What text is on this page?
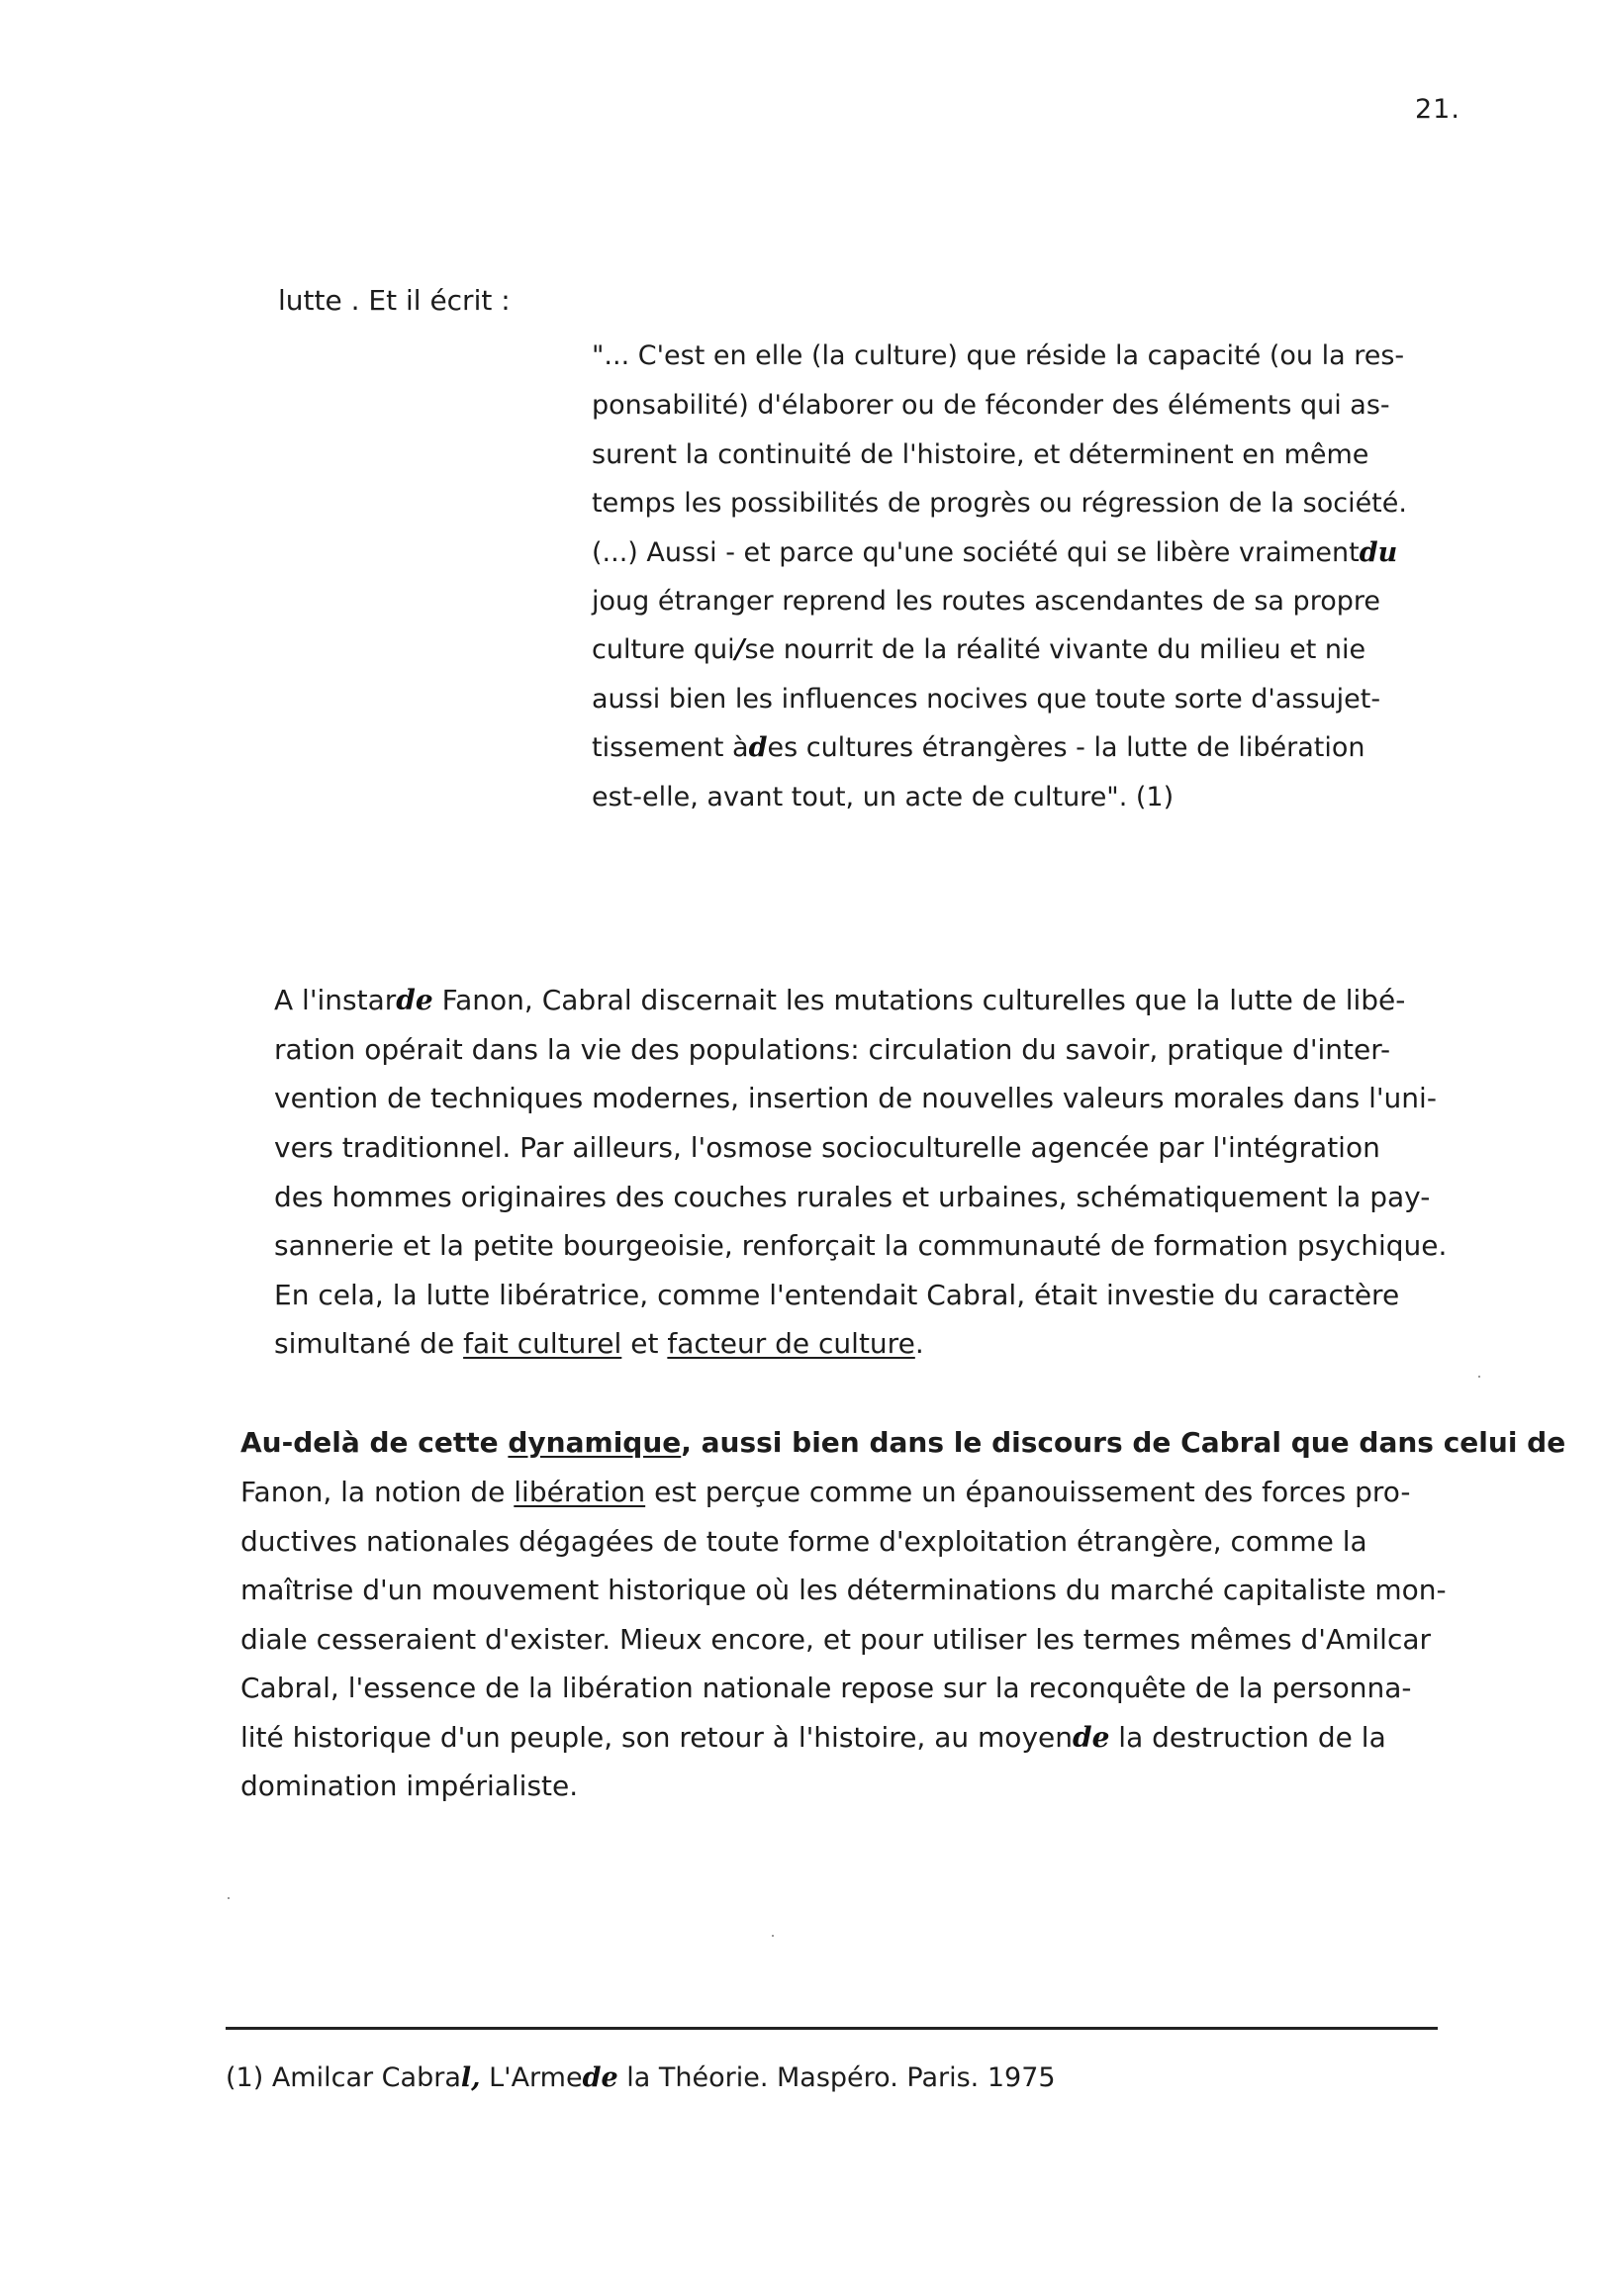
21.
lutte . Et il écrit :
"... C'est en elle (la culture) que réside la capacité (ou la res-
ponsabilité) d'élaborer ou de féconder des éléments qui as-
surent la continuité de l'histoire, et déterminent en même
temps les possibilités de progrès ou régression de la société.
(...) Aussi - et parce qu'une société qui se libère vraimentdu
joug étranger reprend les routes ascendantes de sa propre
culture qui/se nourrit de la réalité vivante du milieu et nie
aussi bien les influences nocives que toute sorte d'assujet-
tissement àdes cultures étrangères - la lutte de libération
est-elle, avant tout, un acte de culture". (1)
A l'instarde Fanon, Cabral discernait les mutations culturelles que la lutte de libé-
ration opérait dans la vie des populations: circulation du savoir, pratique d'inter-
vention de techniques modernes, insertion de nouvelles valeurs morales dans l'uni-
vers traditionnel. Par ailleurs, l'osmose socioculturelle agencée par l'intégration
des hommes originaires des couches rurales et urbaines, schématiquement la pay-
sannerie et la petite bourgeoisie, renforçait la communauté de formation psychique.
En cela, la lutte libératrice, comme l'entendait Cabral, était investie du caractère
simultané de fait culturel et facteur de culture.
Au-delà de cette dynamique, aussi bien dans le discours de Cabral que dans celui de
Fanon, la notion de libération est perçue comme un épanouissement des forces pro-
ductives nationales dégagées de toute forme d'exploitation étrangère, comme la
maîtrise d'un mouvement historique où les déterminations du marché capitaliste mon-
diale cesseraient d'exister. Mieux encore, et pour utiliser les termes mêmes d'Amilcar
Cabral, l'essence de la libération nationale repose sur la reconquête de la personna-
lité historique d'un peuple, son retour à l'histoire, au moyende la destruction de la
domination impérialiste.
(1) Amilcar Cabral, L'Armede la Théorie. Maspéro. Paris. 1975
